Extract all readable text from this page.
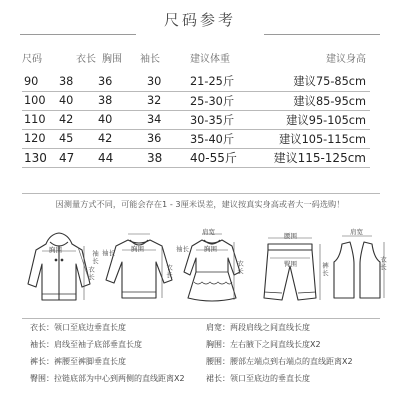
尺码参考
尺码	衣长	胸围	袖长	建议体重	建议身高
90	38	36	30	21-25斤	建议75-85cm
100	40	38	32	25-30斤	建议85-95cm
110	42	40	34	30-35斤	建议95-105cm
120	45	42	36	35-40斤	建议105-115cm
130	47	44	38	40-55斤	建议115-125cm
因测量方式不同，可能会存在1 - 3厘米误差，建议按真实身高或者大一码选购！
胸围
衣长
袖长
胸围
衣长
袖长
肩宽
胸围
衣长
袖长
腰围
臀围	裤长
肩宽
衣长
衣长：领口至底边垂直长度
袖长：肩线至袖子底部垂直长度
裤长：裤腰至裤脚垂直长度
臀围：拉链底部为中心到两侧的直线距离X2
肩宽：两段肩线之间直线长度
胸围：左右腋下之间直线长度X2
腰围：腰部左端点到右端点的直线距离X2
裙长：领口至底边的垂直长度
